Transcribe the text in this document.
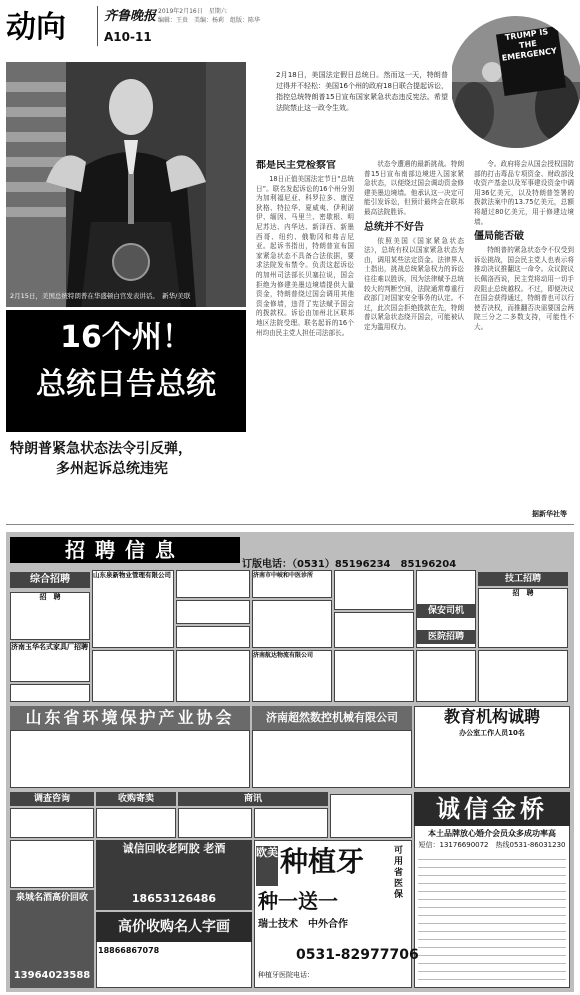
动向	齐鲁晚报 2019年2月16日　星期六
编辑：王贵　美编：杨莉　组版：陈华
A10-11	TRUMP IS THE EMERGENCY
2月15日，美国总统特朗普在华盛顿白宫发表讲话。　新华/美联
2月18日，美国法定假日总统日。然而这一天，特朗普过得并不轻松：美国16个州的政府18日联合提起诉讼，指控总统特朗普15日宣布国家紧急状态违反宪法。希望法院禁止这一政令生效。
16个州！
总统日告总统
特朗普紧急状态法令引反弹，
多州起诉总统违宪
都是民主党检察官

18日正值美国法定节日“总统日”。联名发起诉讼的16个州分别为加利福尼亚、科罗拉多、康涅狄格、特拉华、夏威夷、伊利诺伊、缅因、马里兰、密歇根、明尼苏达、内华达、新泽西、新墨西哥、纽约、俄勒冈和弗吉尼亚。起诉书指出，特朗普宣布国家紧急状态不具备合法依据，要求法院发布禁令。负责这起诉讼的加州司法部长贝塞拉说，国会拒绝为修建美墨边境墙提供大量资金，特朗普绕过国会调用其他资金修墙，违背了宪法赋予国会的拨款权。诉讼由加州北区联邦地区法院受理。联名起诉的16个州均由民主党人担任司法部长。

状态令遭遇的最新挑战。特朗普15日宣布南部边境进入国家紧急状态，以便绕过国会调动资金修建美墨边境墙。他承认这一决定可能引发诉讼，但预计最终会在联邦最高法院胜诉。

总统并不好告

依照美国《国家紧急状态法》，总统有权以国家紧急状态为由，调用某些法定资金。法律界人士指出，挑战总统紧急权力的诉讼往往难以胜诉，因为法律赋予总统较大的判断空间，法院通常尊重行政部门对国家安全事务的认定。不过，此次国会拒绝拨款在先，特朗普以紧急状态绕开国会，可能被认定为滥用权力。

令。政府将会从国会授权国防部的打击毒品专项资金、财政部没收资产基金以及军事建设资金中调用36亿美元，以及特朗普签署的拨款法案中的13.75亿美元，总额将超过80亿美元，用于修建边境墙。

僵局能否破

特朗普的紧急状态令不仅受到诉讼挑战，国会民主党人也表示将推动决议推翻这一命令。众议院议长佩洛西说，民主党将动用一切手段阻止总统越权。不过，即便决议在国会获得通过，特朗普也可以行使否决权，而推翻否决需要国会两院三分之二多数支持，可能性不大。

据新华社等
招聘信息
订版电话：（0531）85196234　85196204
技工招聘
综合招聘
招　聘
济南玉华名式家具厂招聘
山东泉新物业管理有限公司	济南市中岐和中医诊所
招　聘
济南航达物流有限公司
保安司机
医院招聘
山东省环境保护产业协会	济南超然数控机械有限公司	教育机构诚聘
办公室工作人员10名
调查咨询	收购寄卖	商讯
诚信回收老阿胶 老酒
18653126486
诚信金桥
本土品牌放心婚介会员众多成功率高
短信：13176690072　热线0531-86031230
泉城名酒高价回收
13964023588
高价收购名人字画
18866867078
欧美 种植牙
种一送一
瑞士技术　中外合作
0531-82977706
种植牙医院电话：
可用省医保
